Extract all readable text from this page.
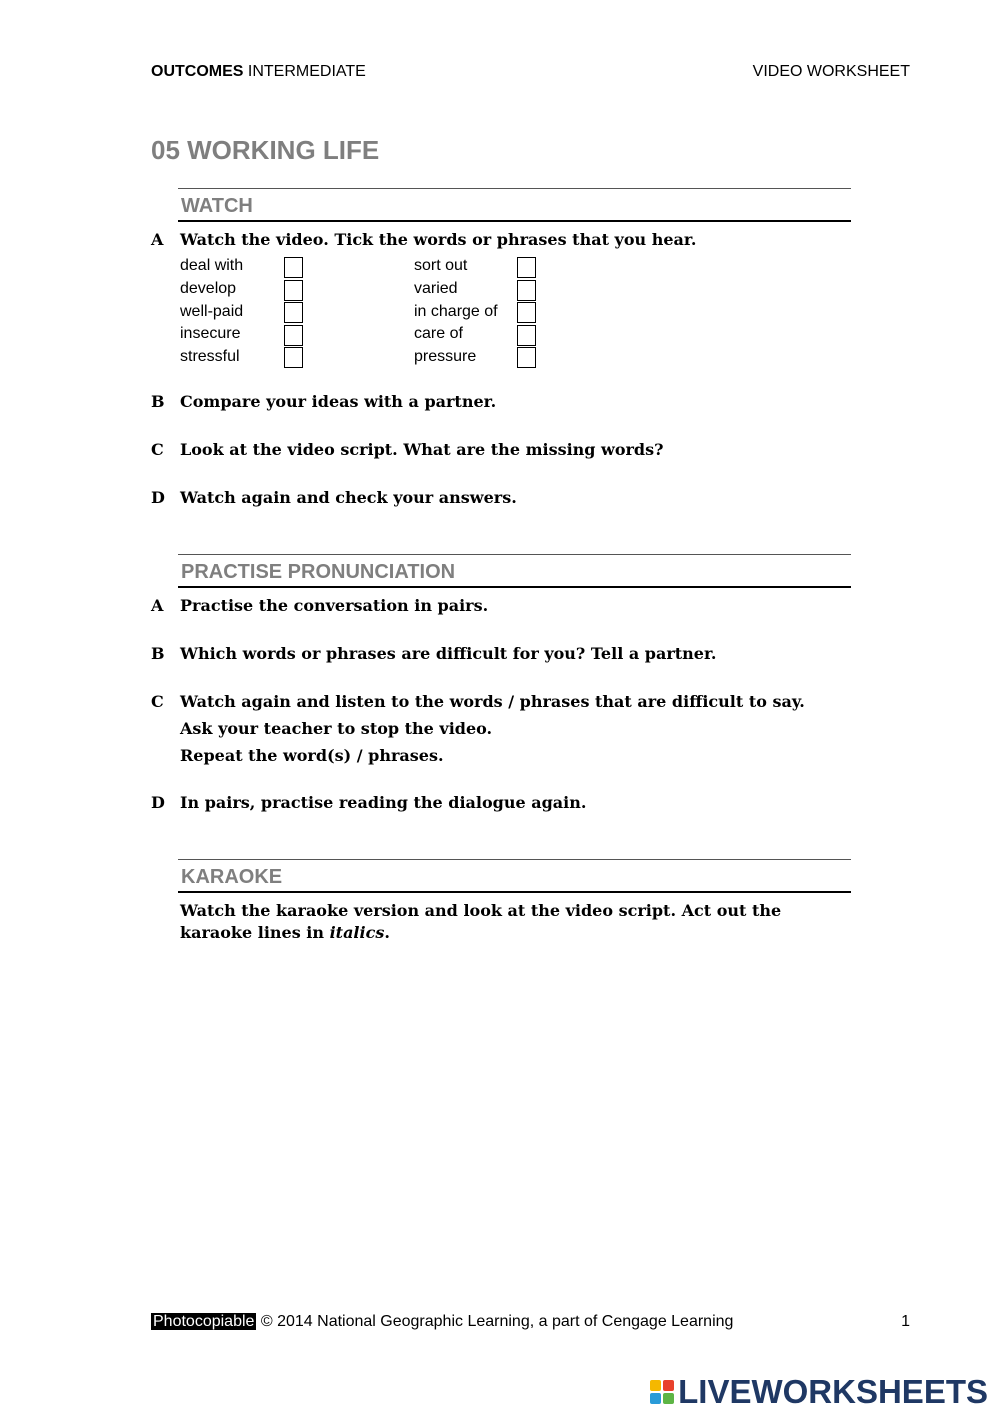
OUTCOMES INTERMEDIATE	VIDEO WORKSHEET
05 WORKING LIFE
WATCH
A Watch the video. Tick the words or phrases that you hear.
deal with
develop
well-paid
insecure
stressful
sort out
varied
in charge of
care of
pressure
B Compare your ideas with a partner.
C Look at the video script. What are the missing words?
D Watch again and check your answers.
PRACTISE PRONUNCIATION
A Practise the conversation in pairs.
B Which words or phrases are difficult for you? Tell a partner.
C Watch again and listen to the words / phrases that are difficult to say.
Ask your teacher to stop the video.
Repeat the word(s) / phrases.
D In pairs, practise reading the dialogue again.
KARAOKE
Watch the karaoke version and look at the video script. Act out the karaoke lines in italics.
Photocopiable © 2014 National Geographic Learning, a part of Cengage Learning	1
LIVEWORKSHEETS
